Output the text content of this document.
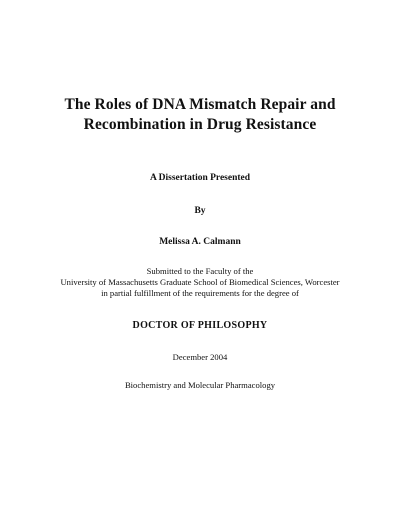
The Roles of DNA Mismatch Repair and
Recombination in Drug Resistance
A Dissertation Presented
By
Melissa A. Calmann
Submitted to the Faculty of the
University of Massachusetts Graduate School of Biomedical Sciences, Worcester
in partial fulfillment of the requirements for the degree of
DOCTOR OF PHILOSOPHY
December 2004
Biochemistry and Molecular Pharmacology
